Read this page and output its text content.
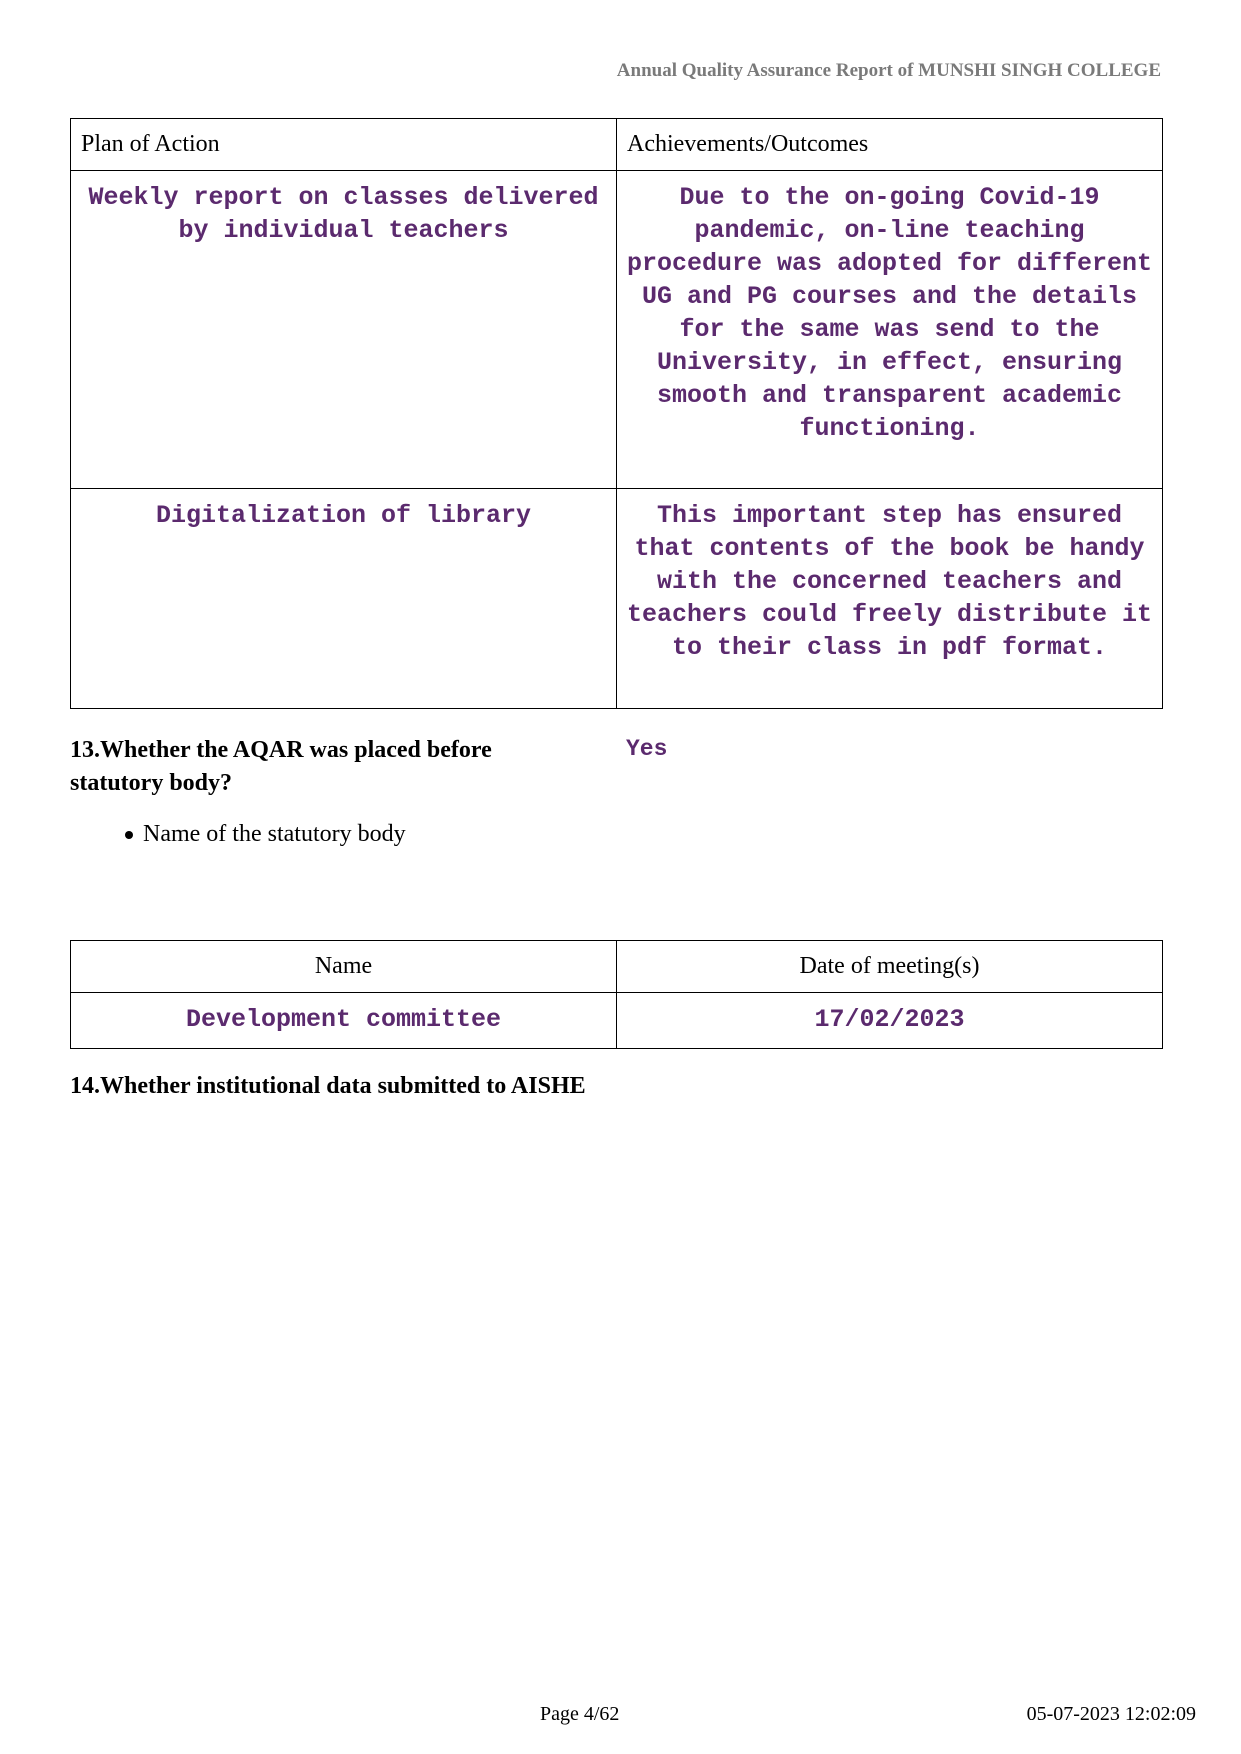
Annual Quality Assurance Report of MUNSHI SINGH COLLEGE
Plan of Action	Achievements/Outcomes
Weekly report on classes delivered by individual teachers	Due to the on-going Covid-19 pandemic, on-line teaching procedure was adopted for different UG and PG courses and the details for the same was send to the University, in effect, ensuring smooth and transparent academic functioning.
Digitalization of library	This important step has ensured that contents of the book be handy with the concerned teachers and teachers could freely distribute it to their class in pdf format.
13.Whether the AQAR was placed before statutory body?
Yes
Name of the statutory body
Name	Date of meeting(s)
Development committee	17/02/2023
14.Whether institutional data submitted to AISHE
Page 4/62	05-07-2023 12:02:09
